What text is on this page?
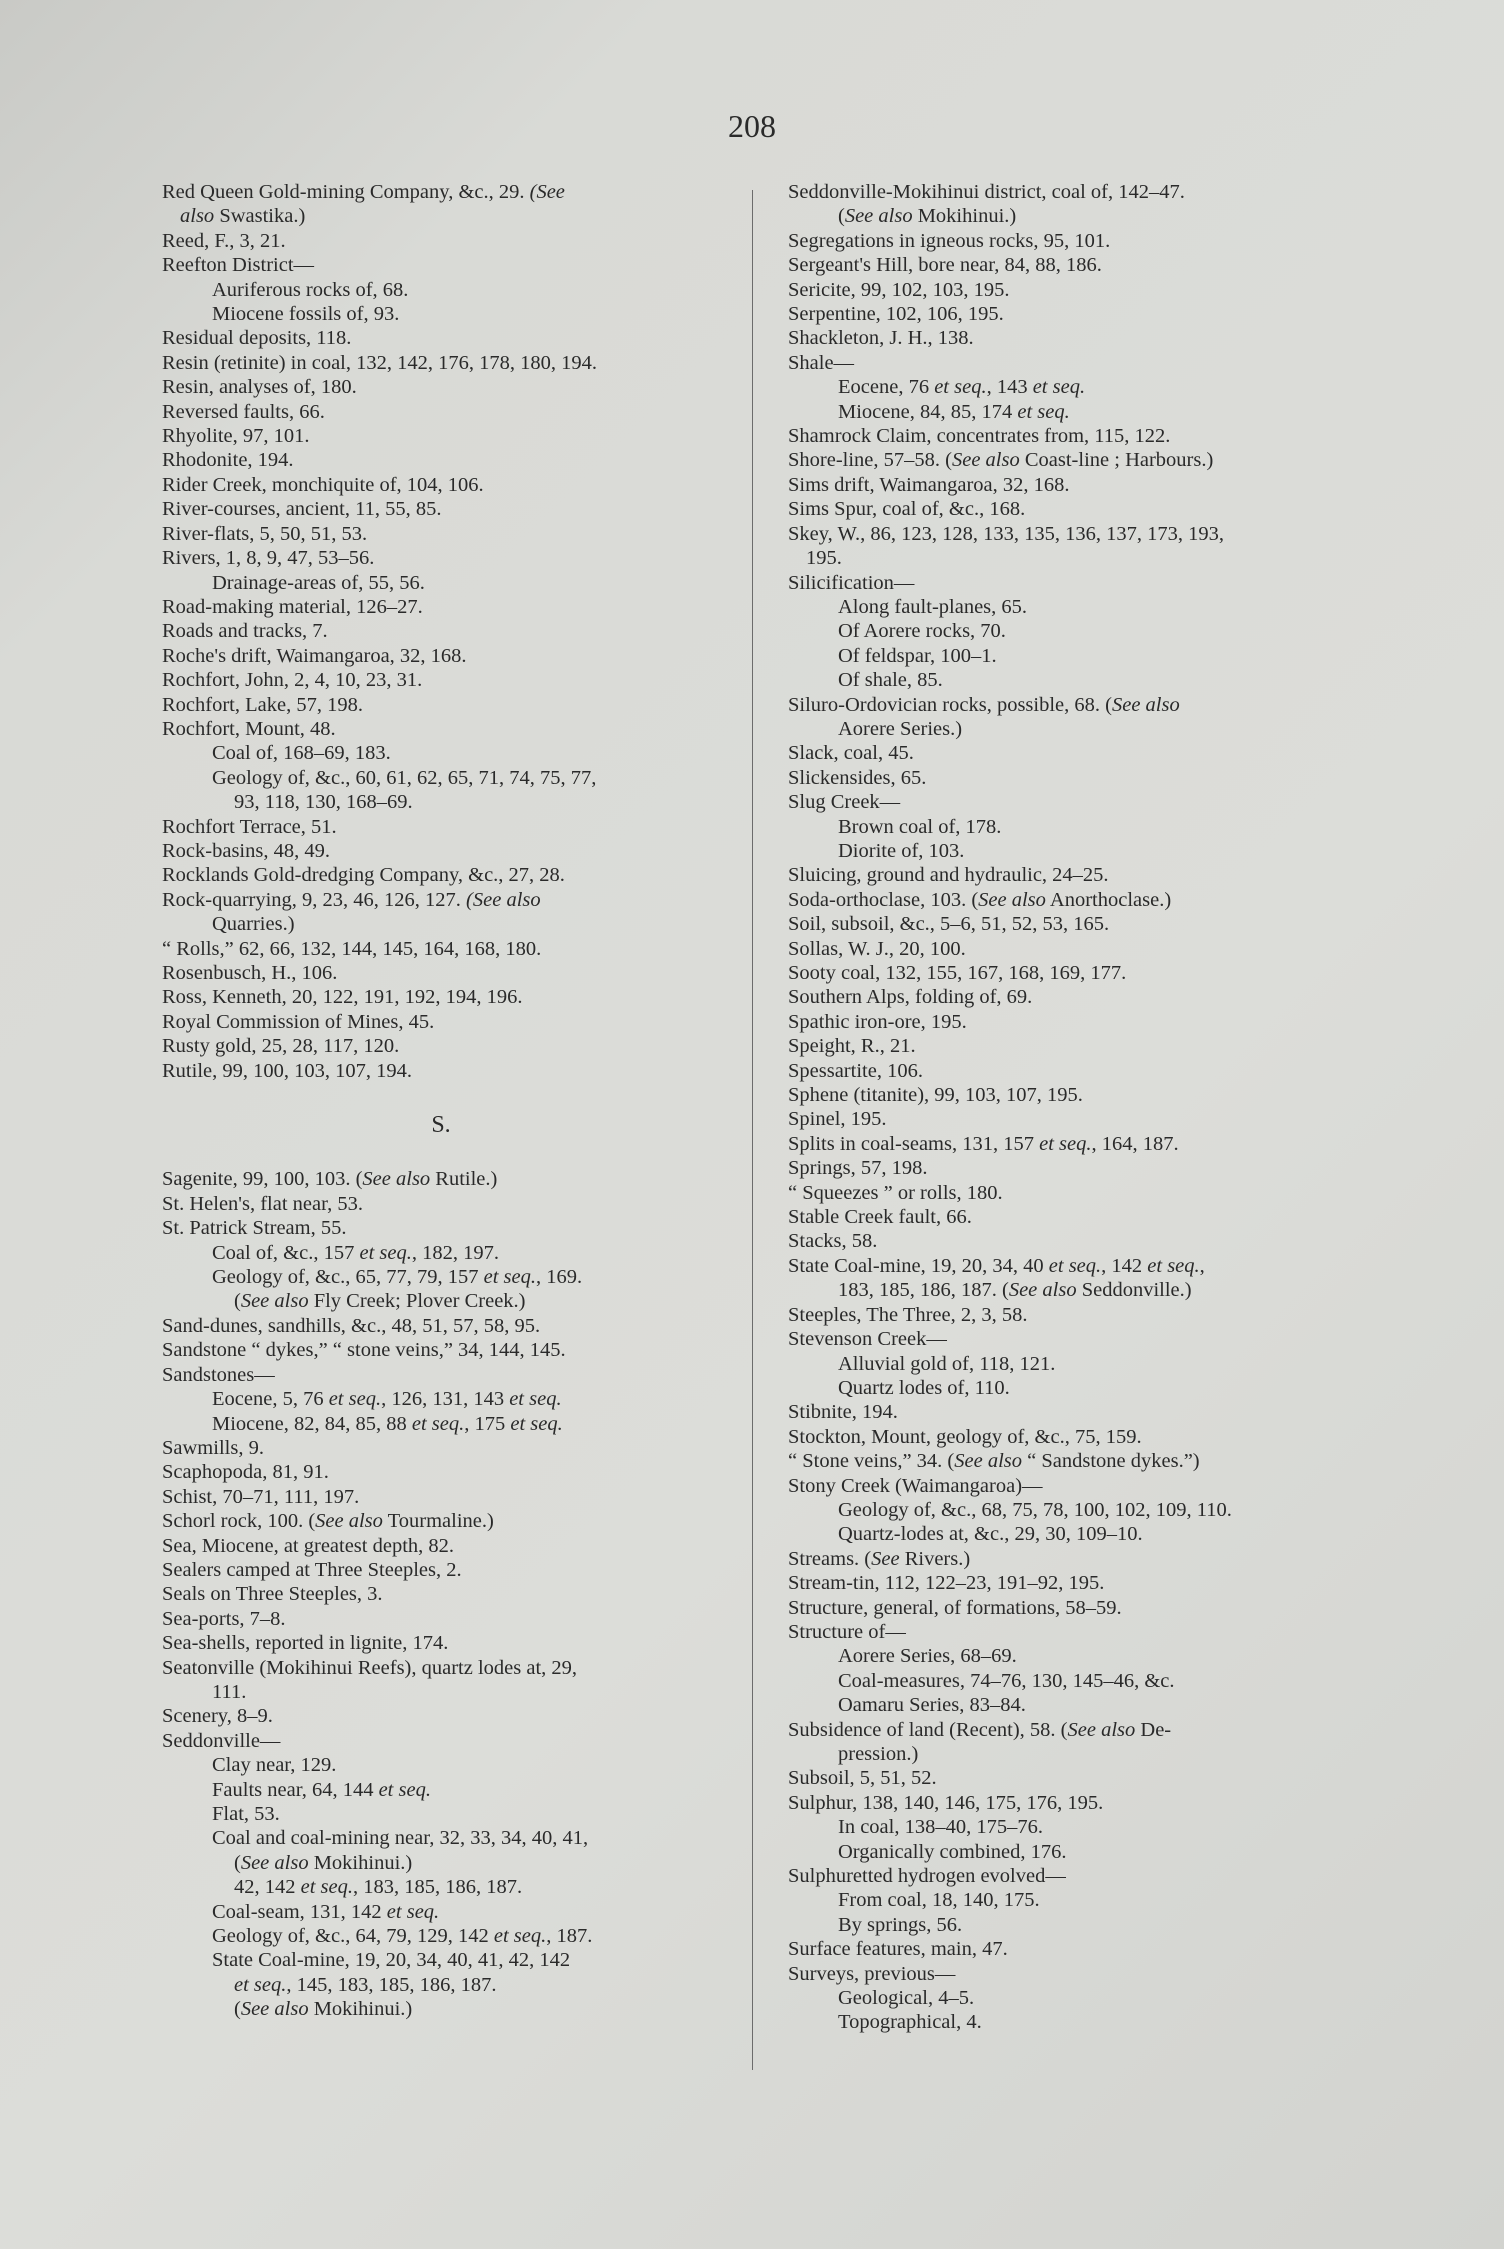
208
Red Queen Gold-mining Company, &c., 29. (See
also Swastika.)
Reed, F., 3, 21.
Reefton District—
Auriferous rocks of, 68.
Miocene fossils of, 93.
Residual deposits, 118.
Resin (retinite) in coal, 132, 142, 176, 178, 180, 194.
Resin, analyses of, 180.
Reversed faults, 66.
Rhyolite, 97, 101.
Rhodonite, 194.
Rider Creek, monchiquite of, 104, 106.
River-courses, ancient, 11, 55, 85.
River-flats, 5, 50, 51, 53.
Rivers, 1, 8, 9, 47, 53–56.
Drainage-areas of, 55, 56.
Road-making material, 126–27.
Roads and tracks, 7.
Roche's drift, Waimangaroa, 32, 168.
Rochfort, John, 2, 4, 10, 23, 31.
Rochfort, Lake, 57, 198.
Rochfort, Mount, 48.
Coal of, 168–69, 183.
Geology of, &c., 60, 61, 62, 65, 71, 74, 75, 77,
93, 118, 130, 168–69.
Rochfort Terrace, 51.
Rock-basins, 48, 49.
Rocklands Gold-dredging Company, &c., 27, 28.
Rock-quarrying, 9, 23, 46, 126, 127. (See also
Quarries.)
“ Rolls,” 62, 66, 132, 144, 145, 164, 168, 180.
Rosenbusch, H., 106.
Ross, Kenneth, 20, 122, 191, 192, 194, 196.
Royal Commission of Mines, 45.
Rusty gold, 25, 28, 117, 120.
Rutile, 99, 100, 103, 107, 194.
S.
Sagenite, 99, 100, 103. (See also Rutile.)
St. Helen's, flat near, 53.
St. Patrick Stream, 55.
Coal of, &c., 157 et seq., 182, 197.
Geology of, &c., 65, 77, 79, 157 et seq., 169.
(See also Fly Creek; Plover Creek.)
Sand-dunes, sandhills, &c., 48, 51, 57, 58, 95.
Sandstone “ dykes,” “ stone veins,” 34, 144, 145.
Sandstones—
Eocene, 5, 76 et seq., 126, 131, 143 et seq.
Miocene, 82, 84, 85, 88 et seq., 175 et seq.
Sawmills, 9.
Scaphopoda, 81, 91.
Schist, 70–71, 111, 197.
Schorl rock, 100. (See also Tourmaline.)
Sea, Miocene, at greatest depth, 82.
Sealers camped at Three Steeples, 2.
Seals on Three Steeples, 3.
Sea-ports, 7–8.
Sea-shells, reported in lignite, 174.
Seatonville (Mokihinui Reefs), quartz lodes at, 29,
111.
Scenery, 8–9.
Seddonville—
Clay near, 129.
Faults near, 64, 144 et seq.
Flat, 53.
Coal and coal-mining near, 32, 33, 34, 40, 41,
(See also Mokihinui.)
42, 142 et seq., 183, 185, 186, 187.
Coal-seam, 131, 142 et seq.
Geology of, &c., 64, 79, 129, 142 et seq., 187.
State Coal-mine, 19, 20, 34, 40, 41, 42, 142
et seq., 145, 183, 185, 186, 187.
(See also Mokihinui.)
Seddonville-Mokihinui district, coal of, 142–47.
(See also Mokihinui.)
Segregations in igneous rocks, 95, 101.
Sergeant's Hill, bore near, 84, 88, 186.
Sericite, 99, 102, 103, 195.
Serpentine, 102, 106, 195.
Shackleton, J. H., 138.
Shale—
Eocene, 76 et seq., 143 et seq.
Miocene, 84, 85, 174 et seq.
Shamrock Claim, concentrates from, 115, 122.
Shore-line, 57–58. (See also Coast-line ; Harbours.)
Sims drift, Waimangaroa, 32, 168.
Sims Spur, coal of, &c., 168.
Skey, W., 86, 123, 128, 133, 135, 136, 137, 173, 193,
195.
Silicification—
Along fault-planes, 65.
Of Aorere rocks, 70.
Of feldspar, 100–1.
Of shale, 85.
Siluro-Ordovician rocks, possible, 68. (See also
Aorere Series.)
Slack, coal, 45.
Slickensides, 65.
Slug Creek—
Brown coal of, 178.
Diorite of, 103.
Sluicing, ground and hydraulic, 24–25.
Soda-orthoclase, 103. (See also Anorthoclase.)
Soil, subsoil, &c., 5–6, 51, 52, 53, 165.
Sollas, W. J., 20, 100.
Sooty coal, 132, 155, 167, 168, 169, 177.
Southern Alps, folding of, 69.
Spathic iron-ore, 195.
Speight, R., 21.
Spessartite, 106.
Sphene (titanite), 99, 103, 107, 195.
Spinel, 195.
Splits in coal-seams, 131, 157 et seq., 164, 187.
Springs, 57, 198.
“ Squeezes ” or rolls, 180.
Stable Creek fault, 66.
Stacks, 58.
State Coal-mine, 19, 20, 34, 40 et seq., 142 et seq.,
183, 185, 186, 187. (See also Seddonville.)
Steeples, The Three, 2, 3, 58.
Stevenson Creek—
Alluvial gold of, 118, 121.
Quartz lodes of, 110.
Stibnite, 194.
Stockton, Mount, geology of, &c., 75, 159.
“ Stone veins,” 34. (See also “ Sandstone dykes.”)
Stony Creek (Waimangaroa)—
Geology of, &c., 68, 75, 78, 100, 102, 109, 110.
Quartz-lodes at, &c., 29, 30, 109–10.
Streams. (See Rivers.)
Stream-tin, 112, 122–23, 191–92, 195.
Structure, general, of formations, 58–59.
Structure of—
Aorere Series, 68–69.
Coal-measures, 74–76, 130, 145–46, &c.
Oamaru Series, 83–84.
Subsidence of land (Recent), 58. (See also De-
pression.)
Subsoil, 5, 51, 52.
Sulphur, 138, 140, 146, 175, 176, 195.
In coal, 138–40, 175–76.
Organically combined, 176.
Sulphuretted hydrogen evolved—
From coal, 18, 140, 175.
By springs, 56.
Surface features, main, 47.
Surveys, previous—
Geological, 4–5.
Topographical, 4.
